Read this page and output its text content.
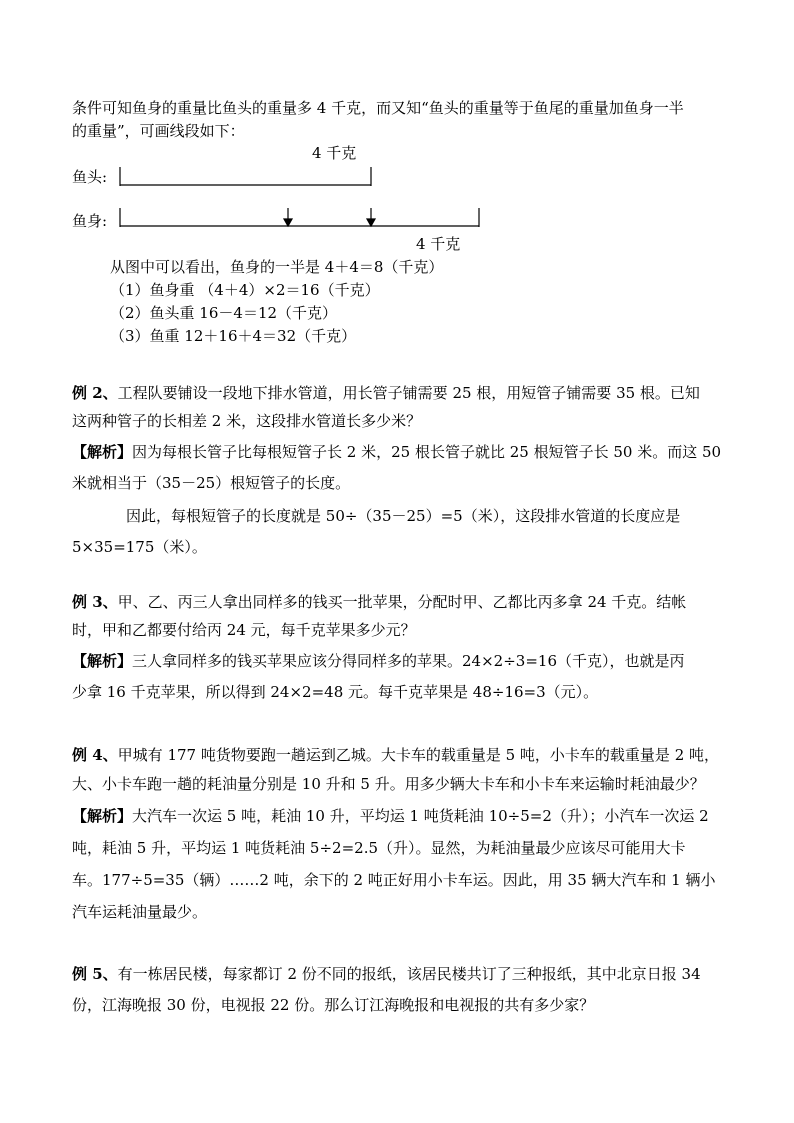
条件可知鱼身的重量比鱼头的重量多 4 千克，而又知“鱼头的重量等于鱼尾的重量加鱼身一半
的重量”，可画线段如下：
4 千克
鱼头:
鱼身:
4 千克
从图中可以看出，鱼身的一半是 4＋4＝8（千克）
（1）鱼身重 （4＋4）×2＝16（千克）
（2）鱼头重 16－4＝12（千克）
（3）鱼重 12＋16＋4＝32（千克）
例 2、工程队要铺设一段地下排水管道，用长管子铺需要 25 根，用短管子铺需要 35 根。已知
这两种管子的长相差 2 米，这段排水管道长多少米？
【解析】因为每根长管子比每根短管子长 2 米，25 根长管子就比 25 根短管子长 50 米。而这 50
米就相当于（35－25）根短管子的长度。
因此，每根短管子的长度就是 50÷（35－25）=5（米），这段排水管道的长度应是
5×35=175（米）。
例 3、甲、乙、丙三人拿出同样多的钱买一批苹果，分配时甲、乙都比丙多拿 24 千克。结帐
时，甲和乙都要付给丙 24 元，每千克苹果多少元？
【解析】三人拿同样多的钱买苹果应该分得同样多的苹果。24×2÷3=16（千克），也就是丙
少拿 16 千克苹果，所以得到 24×2=48 元。每千克苹果是 48÷16=3（元）。
例 4、甲城有 177 吨货物要跑一趟运到乙城。大卡车的载重量是 5 吨，小卡车的载重量是 2 吨，
大、小卡车跑一趟的耗油量分别是 10 升和 5 升。用多少辆大卡车和小卡车来运输时耗油最少？
【解析】大汽车一次运 5 吨，耗油 10 升，平均运 1 吨货耗油 10÷5=2（升）；小汽车一次运 2
吨，耗油 5 升，平均运 1 吨货耗油 5÷2=2.5（升）。显然，为耗油量最少应该尽可能用大卡
车。177÷5=35（辆）……2 吨，余下的 2 吨正好用小卡车运。因此，用 35 辆大汽车和 1 辆小
汽车运耗油量最少。
例 5、有一栋居民楼，每家都订 2 份不同的报纸，该居民楼共订了三种报纸，其中北京日报 34
份，江海晚报 30 份，电视报 22 份。那么订江海晚报和电视报的共有多少家？
